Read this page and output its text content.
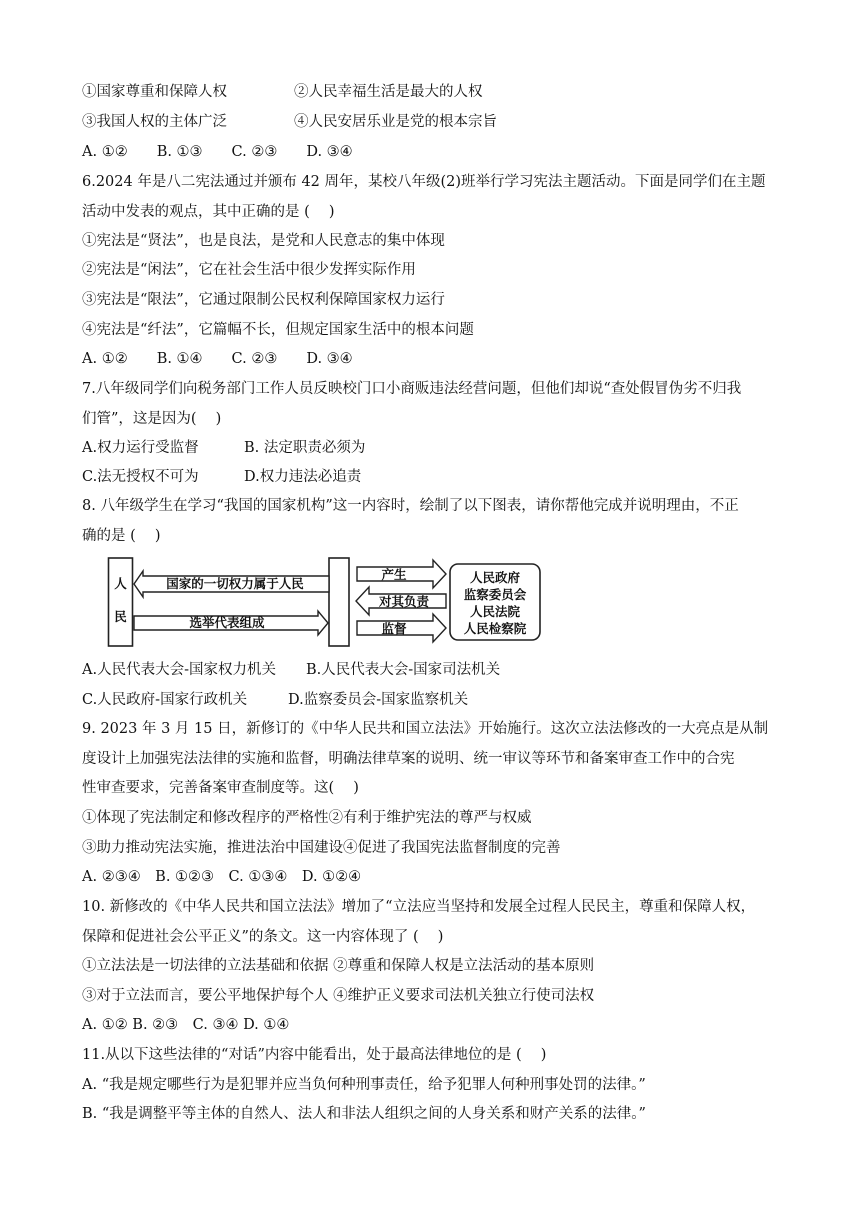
①国家尊重和保障人权	②人民幸福生活是最大的人权
③我国人权的主体广泛	④人民安居乐业是党的根本宗旨
A. ①②　　B. ①③　　C. ②③　　D. ③④
6.2024 年是八二宪法通过并颁布 42 周年，某校八年级(2)班举行学习宪法主题活动。下面是同学们在主题
活动中发表的观点，其中正确的是 (　 )
①宪法是“贤法”，也是良法，是党和人民意志的集中体现
②宪法是“闲法”，它在社会生活中很少发挥实际作用
③宪法是“限法”，它通过限制公民权利保障国家权力运行
④宪法是“纤法”，它篇幅不长，但规定国家生活中的根本问题
A. ①②　　B. ①④　　C. ②③　　D. ③④
7.八年级同学们向税务部门工作人员反映校门口小商贩违法经营问题，但他们却说“查处假冒伪劣不归我
们管”，这是因为(　 )
A.权力运行受监督	B. 法定职责必须为
C.法无授权不可为	D.权力违法必追责
8. 八年级学生在学习“我国的国家机构”这一内容时，绘制了以下图表，请你帮他完成并说明理由，不正
确的是 (　 )
人
民
国家的一切权力属于人民
选举代表组成
产生
对其负责
监督
人民政府
监察委员会
人民法院
人民检察院
A.人民代表大会-国家权力机关 B.人民代表大会-国家司法机关
C.人民政府-国家行政机关	D.监察委员会-国家监察机关
9. 2023 年 3 月 15 日，新修订的《中华人民共和国立法法》开始施行。这次立法法修改的一大亮点是从制
度设计上加强宪法法律的实施和监督，明确法律草案的说明、统一审议等环节和备案审查工作中的合宪
性审查要求，完善备案审查制度等。这(　 )
①体现了宪法制定和修改程序的严格性②有利于维护宪法的尊严与权威
③助力推动宪法实施，推进法治中国建设④促进了我国宪法监督制度的完善
A. ②③④　B. ①②③　C. ①③④　D. ①②④
10. 新修改的《中华人民共和国立法法》增加了“立法应当坚持和发展全过程人民民主，尊重和保障人权，
保障和促进社会公平正义”的条文。这一内容体现了 (　 )
①立法法是一切法律的立法基础和依据 ②尊重和保障人权是立法活动的基本原则
③对于立法而言，要公平地保护每个人 ④维护正义要求司法机关独立行使司法权
A. ①② B. ②③　C. ③④ D. ①④
11.从以下这些法律的“对话”内容中能看出，处于最高法律地位的是 (　 )
A. “我是规定哪些行为是犯罪并应当负何种刑事责任，给予犯罪人何种刑事处罚的法律。”
B. “我是调整平等主体的自然人、法人和非法人组织之间的人身关系和财产关系的法律。”
